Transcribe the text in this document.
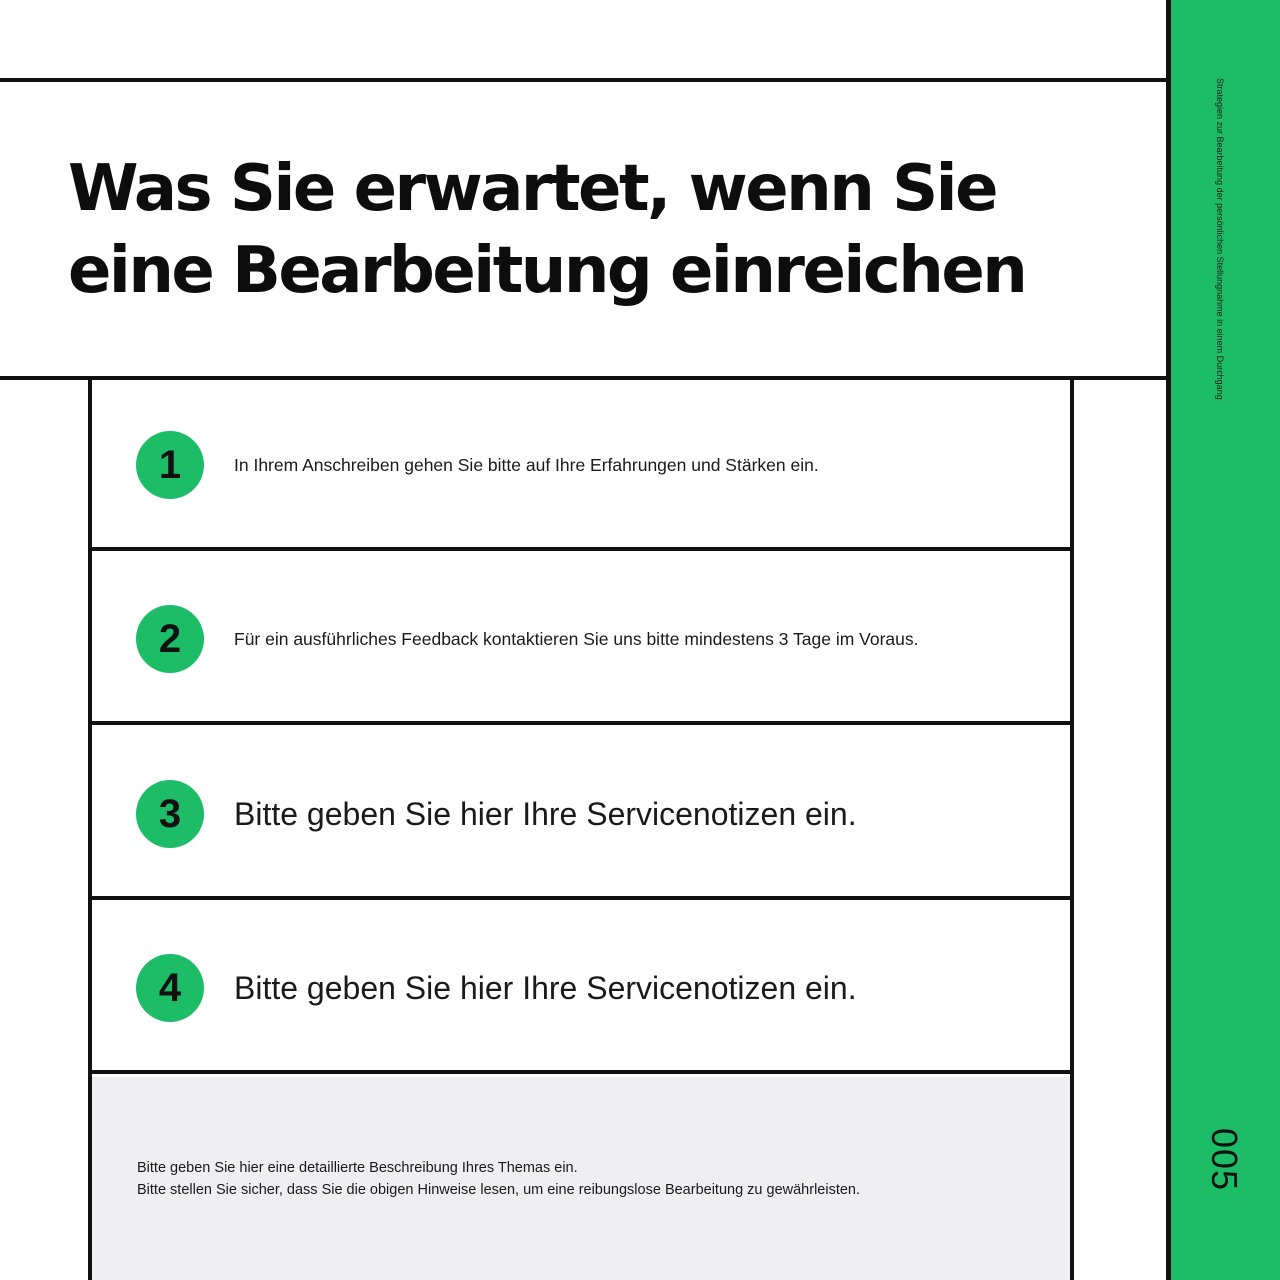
Was Sie erwartet, wenn Sie eine Bearbeitung einreichen	Strategien zur Bearbeitung der persönlichen Stellungnahme in einem Durchgang
005
1	In Ihrem Anschreiben gehen Sie bitte auf Ihre Erfahrungen und Stärken ein.

2	Für ein ausführliches Feedback kontaktieren Sie uns bitte mindestens 3 Tage im Voraus.

3	Bitte geben Sie hier Ihre Servicenotizen ein.

4	Bitte geben Sie hier Ihre Servicenotizen ein.

Bitte geben Sie hier eine detaillierte Beschreibung Ihres Themas ein.

Bitte stellen Sie sicher, dass Sie die obigen Hinweise lesen, um eine reibungslose Bearbeitung zu gewährleisten.
